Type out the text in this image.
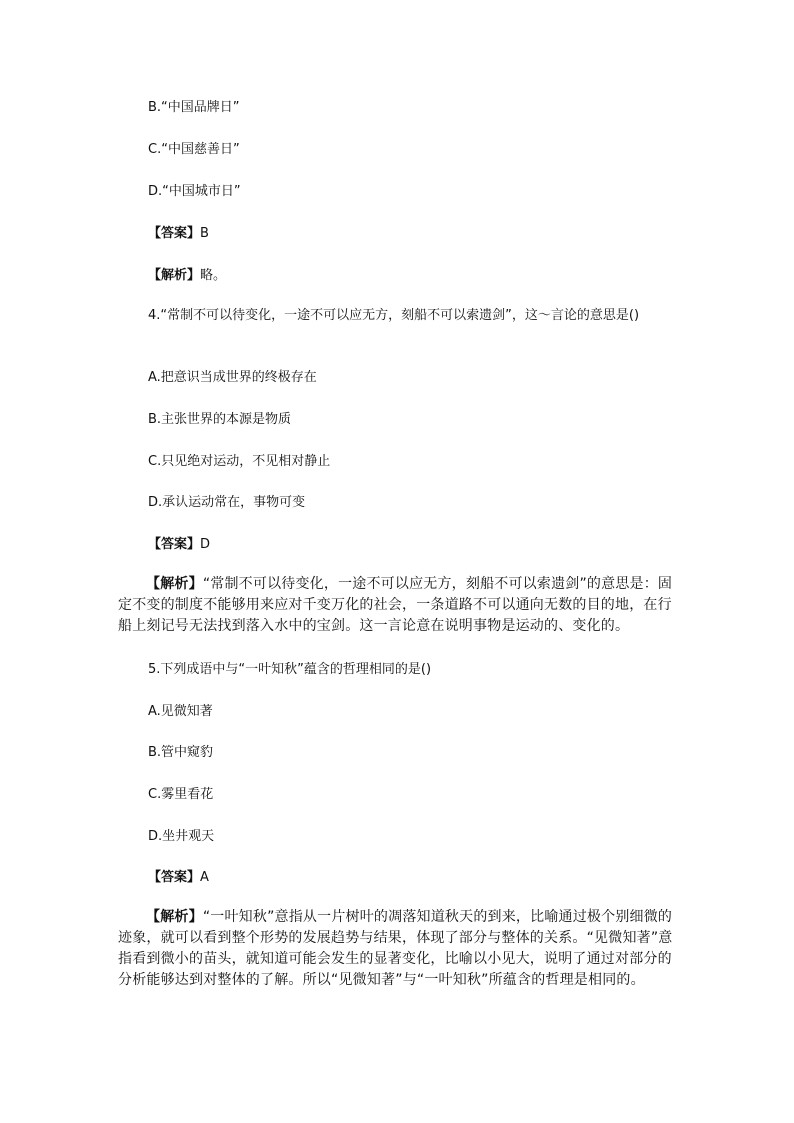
B.“中国品牌日”
C.“中国慈善日”
D.“中国城市日”
【答案】B
【解析】略。
4.“常制不可以待变化，一途不可以应无方，刻船不可以索遗剑”，这～言论的意思是()
A.把意识当成世界的终极存在
B.主张世界的本源是物质
C.只见绝对运动，不见相对静止
D.承认运动常在，事物可变
【答案】D
【解析】“常制不可以待变化，一途不可以应无方，刻船不可以索遗剑”的意思是：固定不变的制度不能够用来应对千变万化的社会，一条道路不可以通向无数的目的地，在行船上刻记号无法找到落入水中的宝剑。这一言论意在说明事物是运动的、变化的。
5.下列成语中与“一叶知秋”蕴含的哲理相同的是()
A.见微知著
B.管中窥豹
C.雾里看花
D.坐井观天
【答案】A
【解析】“一叶知秋”意指从一片树叶的凋落知道秋天的到来，比喻通过极个别细微的迹象，就可以看到整个形势的发展趋势与结果，体现了部分与整体的关系。“见微知著”意指看到微小的苗头，就知道可能会发生的显著变化，比喻以小见大，说明了通过对部分的分析能够达到对整体的了解。所以“见微知著”与“一叶知秋”所蕴含的哲理是相同的。
